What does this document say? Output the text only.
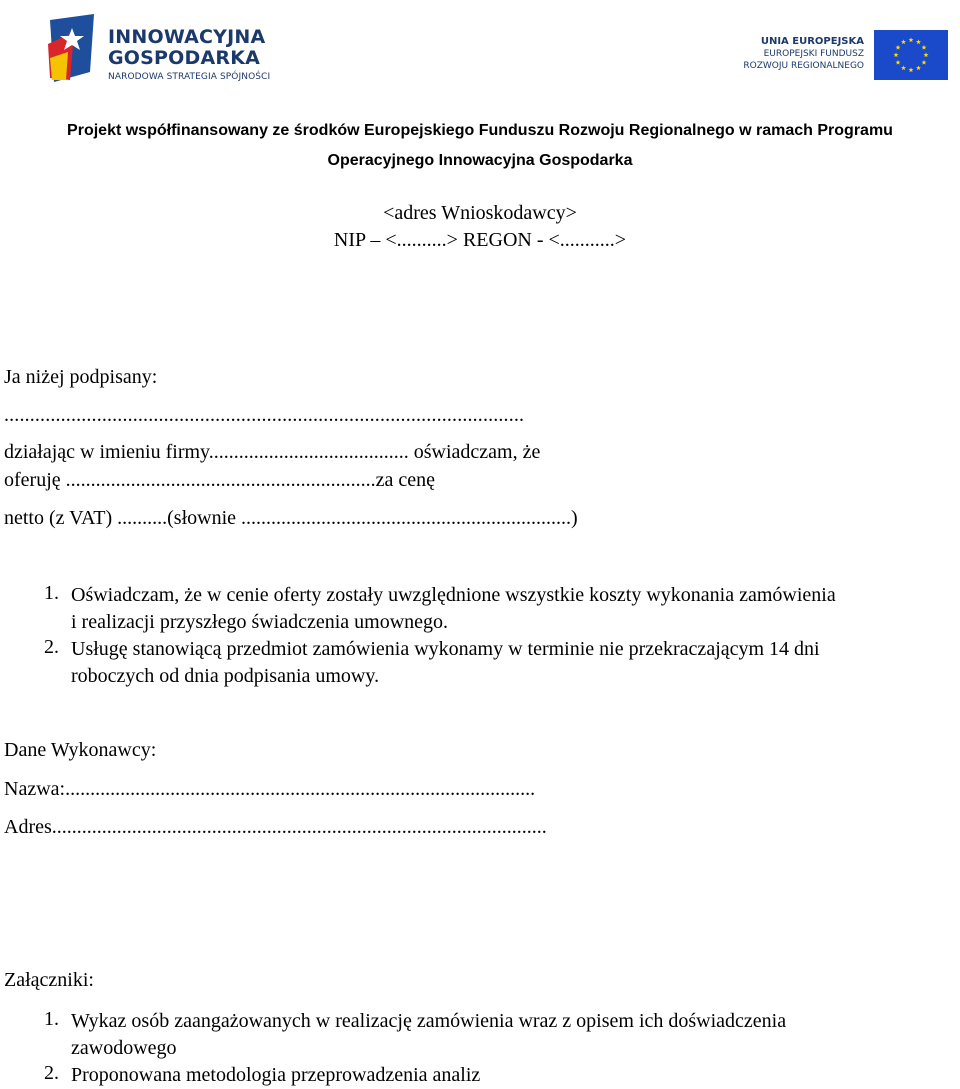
INNOWACYJNA
GOSPODARKA
NARODOWA STRATEGIA SPÓJNOŚCI
UNIA EUROPEJSKA
EUROPEJSKI FUNDUSZ
ROZWOJU REGIONALNEGO
Projekt współfinansowany ze środków Europejskiego Funduszu Rozwoju Regionalnego w ramach Programu
Operacyjnego Innowacyjna Gospodarka
<adres Wnioskodawcy>
NIP – <..........> REGON - <...........>
Ja niżej podpisany:
.....................................................................................................
działając w imieniu firmy........................................ oświadczam, że
oferuję ..............................................................za cenę
netto (z VAT) ..........(słownie ..................................................................)
1. Oświadczam, że w cenie oferty zostały uwzględnione wszystkie koszty wykonania zamówienia
i realizacji przyszłego świadczenia umownego.
2. Usługę stanowiącą przedmiot zamówienia wykonamy w terminie nie przekraczającym 14 dni
roboczych od dnia podpisania umowy.
Dane Wykonawcy:
Nazwa:..............................................................................................
Adres...................................................................................................
Załączniki:
1. Wykaz osób zaangażowanych w realizację zamówienia wraz z opisem ich doświadczenia
zawodowego
2. Proponowana metodologia przeprowadzenia analiz
